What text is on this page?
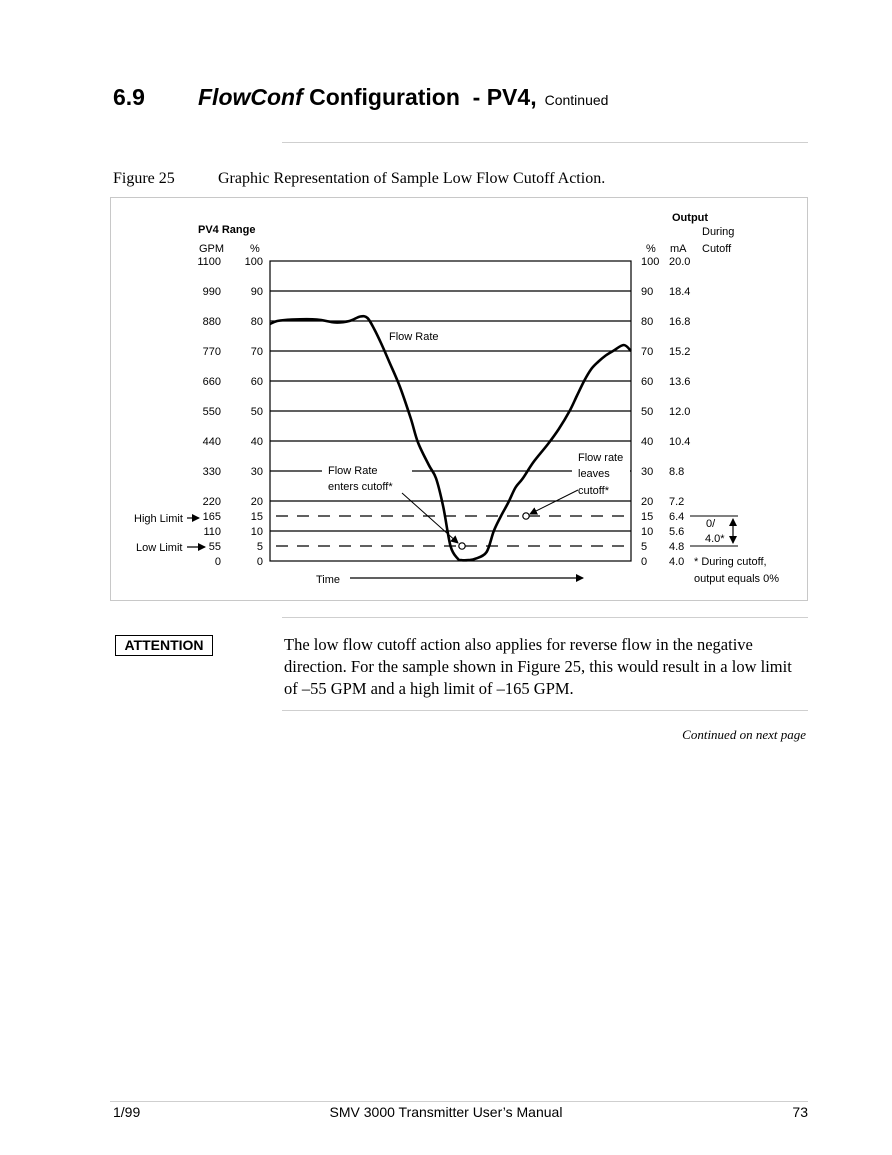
6.9 FlowConf Configuration  - PV4, Continued
Figure 25	Graphic Representation of Sample Low Flow Cutoff Action.
PV4 Range
GPM %
Output
During
Cutoff
% mA
1100 100	100 20.0
990	90	90 18.4
880	80	80 16.8
770	70	70 15.2
660	60	60 13.6
550	50	50 12.0
440	40	40 10.4
330	30	30 8.8
220	20	20 7.2
165	15	15 6.4
110	10	10 5.6
55	5	5 4.8
0	0	0 4.0
High Limit
Low Limit
Flow Rate
Flow Rate
enters cutoff*
Flow rate
leaves
cutoff*
Time
0/
4.0*
* During cutoff,
output equals 0%
ATTENTION	The low flow cutoff action also applies for reverse flow in the negative direction. For the sample shown in Figure 25, this would result in a low limit of –55 GPM and a high limit of –165 GPM.
Continued on next page
1/99	SMV 3000 Transmitter User’s Manual	73
